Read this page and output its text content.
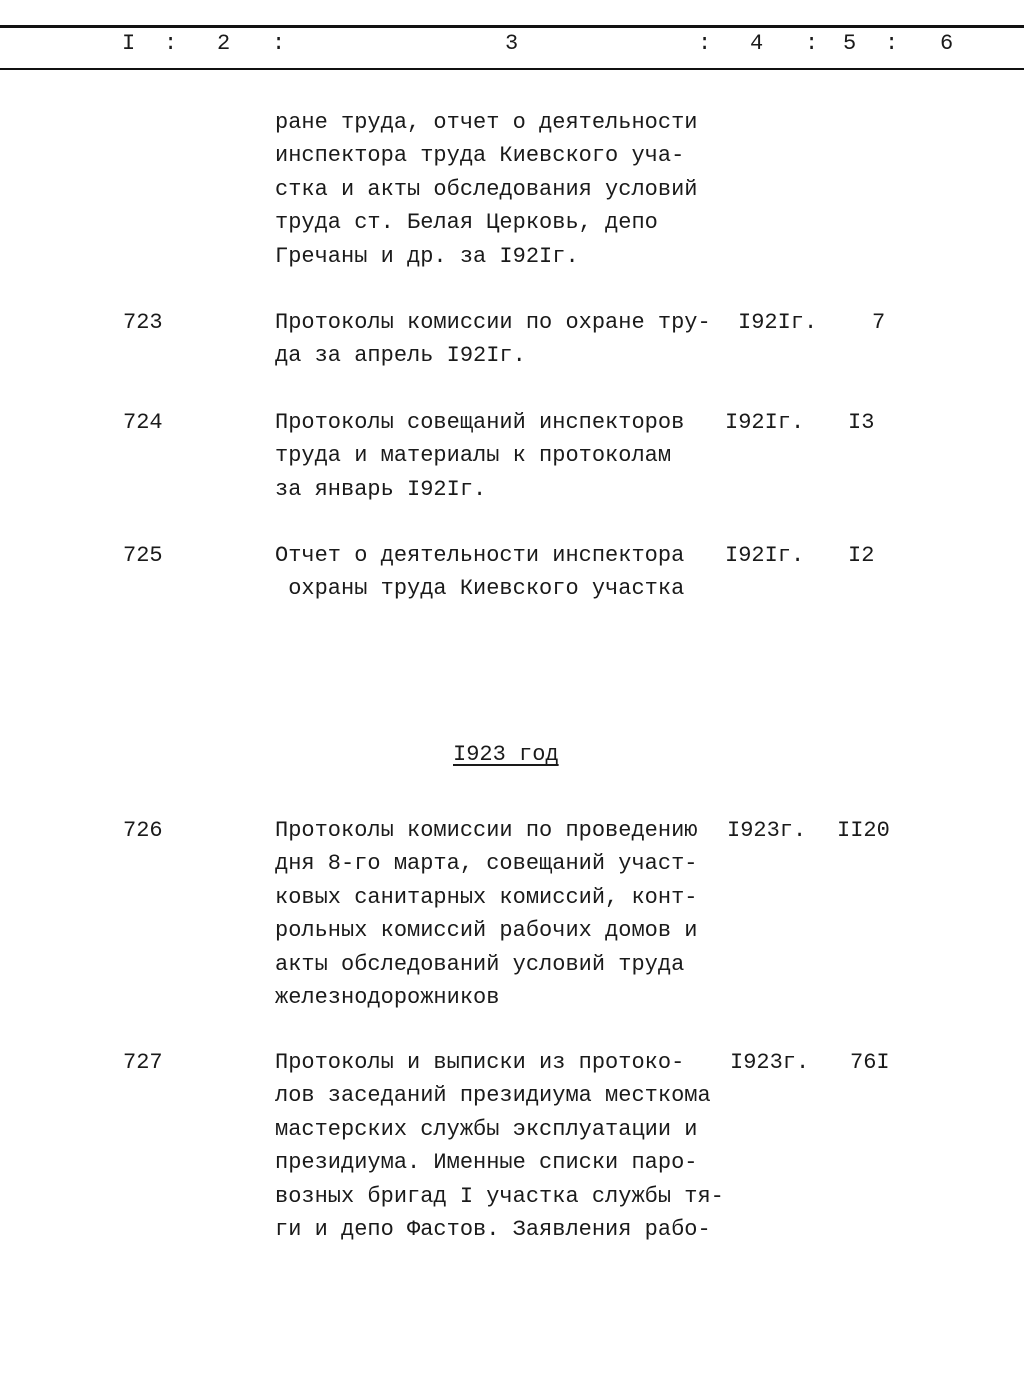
I : 2 :	3	: 4 : 5 : 6
ране труда, отчет о деятельности
инспектора труда Киевского уча-
стка и акты обследования условий
труда ст. Белая Церковь, депо
Гречаны и др. за I92Iг.
723	Протоколы комиссии по охране тру-
да за апрель I92Iг.
I92Iг. 7
724	Протоколы совещаний инспекторов
труда и материалы к протоколам
за январь I92Iг.
I92Iг. I3
725	Отчет о деятельности инспектора
охраны труда Киевского участка
I92Iг. I2
I923 год
726	Протоколы комиссии по проведению
дня 8-го марта, совещаний участ-
ковых санитарных комиссий, конт-
рольных комиссий рабочих домов и
акты обследований условий труда
железнодорожников
I923г. II20
727	Протоколы и выписки из протоко-
лов заседаний президиума месткома
мастерских службы эксплуатации и
президиума. Именные списки паро-
возных бригад I участка службы тя-
ги и депо Фастов. Заявления рабо-
I923г. 76I
